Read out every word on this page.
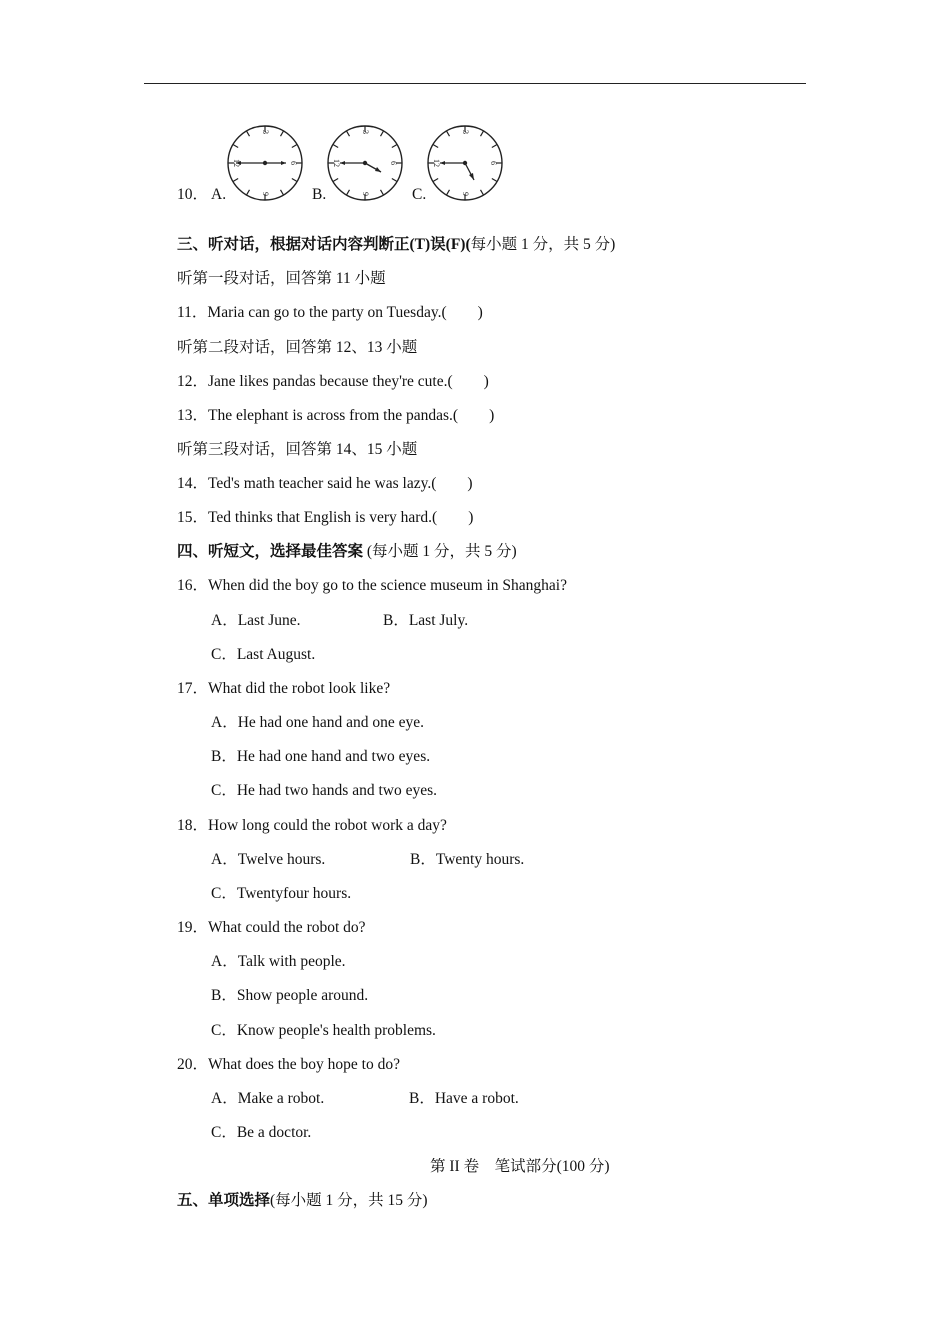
10． A.	B.	C.
3
12	6
9
3
12	6
9
3
12	6
9
三、听对话，根据对话内容判断正(T)误(F)(每小题 1 分，共 5 分)
听第一段对话，回答第 11 小题
11．Maria can go to the party on Tuesday.(　　)
听第二段对话，回答第 12、13 小题
12．Jane likes pandas because they're cute.(　　)
13．The elephant is across from the pandas.(　　)
听第三段对话，回答第 14、15 小题
14．Ted's math teacher said he was lazy.(　　)
15．Ted thinks that English is very hard.(　　)
四、听短文，选择最佳答案 (每小题 1 分，共 5 分)
16．When did the boy go to the science museum in Shanghai?
A．Last June.	B．Last July.
C．Last August.
17．What did the robot look like?
A．He had one hand and one eye.
B．He had one hand and two eyes.
C．He had two hands and two eyes.
18．How long could the robot work a day?
A．Twelve hours.	B．Twenty hours.
C．Twentyfour hours.
19．What could the robot do?
A．Talk with people.
B．Show people around.
C．Know people's health problems.
20．What does the boy hope to do?
A．Make a robot.	B．Have a robot.
C．Be a doctor.
第 II 卷　笔试部分(100 分)
五、单项选择(每小题 1 分，共 15 分)
